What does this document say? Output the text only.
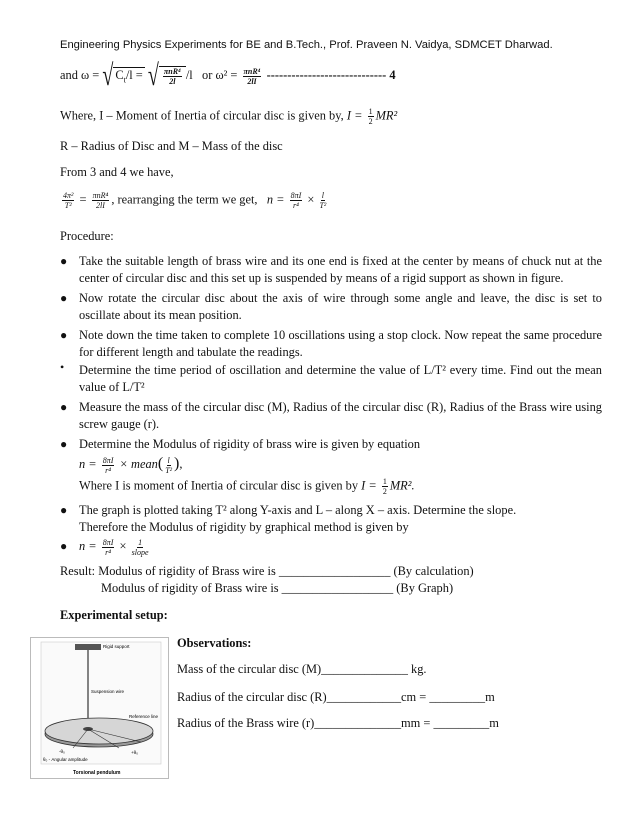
Engineering Physics Experiments for BE and B.Tech., Prof. Praveen N. Vaidya, SDMCET Dharwad.
and ω = √ $C_t/l$ =
√ $\frac{\text{πnR⁴}}{2l} /l$ or $\omega^2 = \frac{\text{πnR⁴}}{2lI}$ ----------------------------- 4
Where, I – Moment of Inertia of circular disc is given by, $I = \frac{1}{2} MR^2$
R – Radius of Disc and M – Mass of the disc
From 3 and 4 we have,
$\frac{\text{4π²}}{\text{T²}} = \frac{\text{πnR⁴}}{2lI}$ , rearranging the term we get, $n = \frac{8\pi I}{\text{r⁴}} \times \frac{l}{\text{T²}}$
Procedure:
● Take the suitable length of brass wire and its one end is fixed at the center by means of chuck nut at the center of circular disc and this set up is suspended by means of a rigid support as shown in figure.
● Now rotate the circular disc about the axis of wire through some angle and leave, the disc is set to oscillate about its mean position.
● Note down the time taken to complete 10 oscillations using a stop clock. Now repeat the same procedure for different length and tabulate the readings.
• Determine the time period of oscillation and determine the value of L/T² every time. Find out the mean value of L/T²
● Measure the mass of the circular disc (M), Radius of the circular disc (R), Radius of the Brass wire using screw gauge (r).
● Determine the Modulus of rigidity of brass wire is given by equation
$n = \frac{8\pi I}{\text{r⁴}}$ × mean( $\frac{l}{\text{T²}}$ ),
Where I is moment of Inertia of circular disc is given by $I = \frac{1}{2} MR^2$.
● The graph is plotted taking T² along Y-axis and L – along X – axis. Determine the slope.
Therefore the Modulus of rigidity by graphical method is given by
● $n = \frac{8\pi I}{\text{r⁴}} \times \frac{1}{\text{slope}}$
Result: Modulus of rigidity of Brass wire is __________________ (By calculation)
Modulus of rigidity of Brass wire is __________________ (By Graph)
Experimental setup:
Rigid support
Suspension wire
Reference line
-θ₀	+θ₀
θ₀ - Angular amplitude
Torsional pendulum
Observations:
Mass of the circular disc (M)______________ kg.
Radius of the circular disc (R)____________cm = _________m
Radius of the Brass wire (r)______________mm = _________m
